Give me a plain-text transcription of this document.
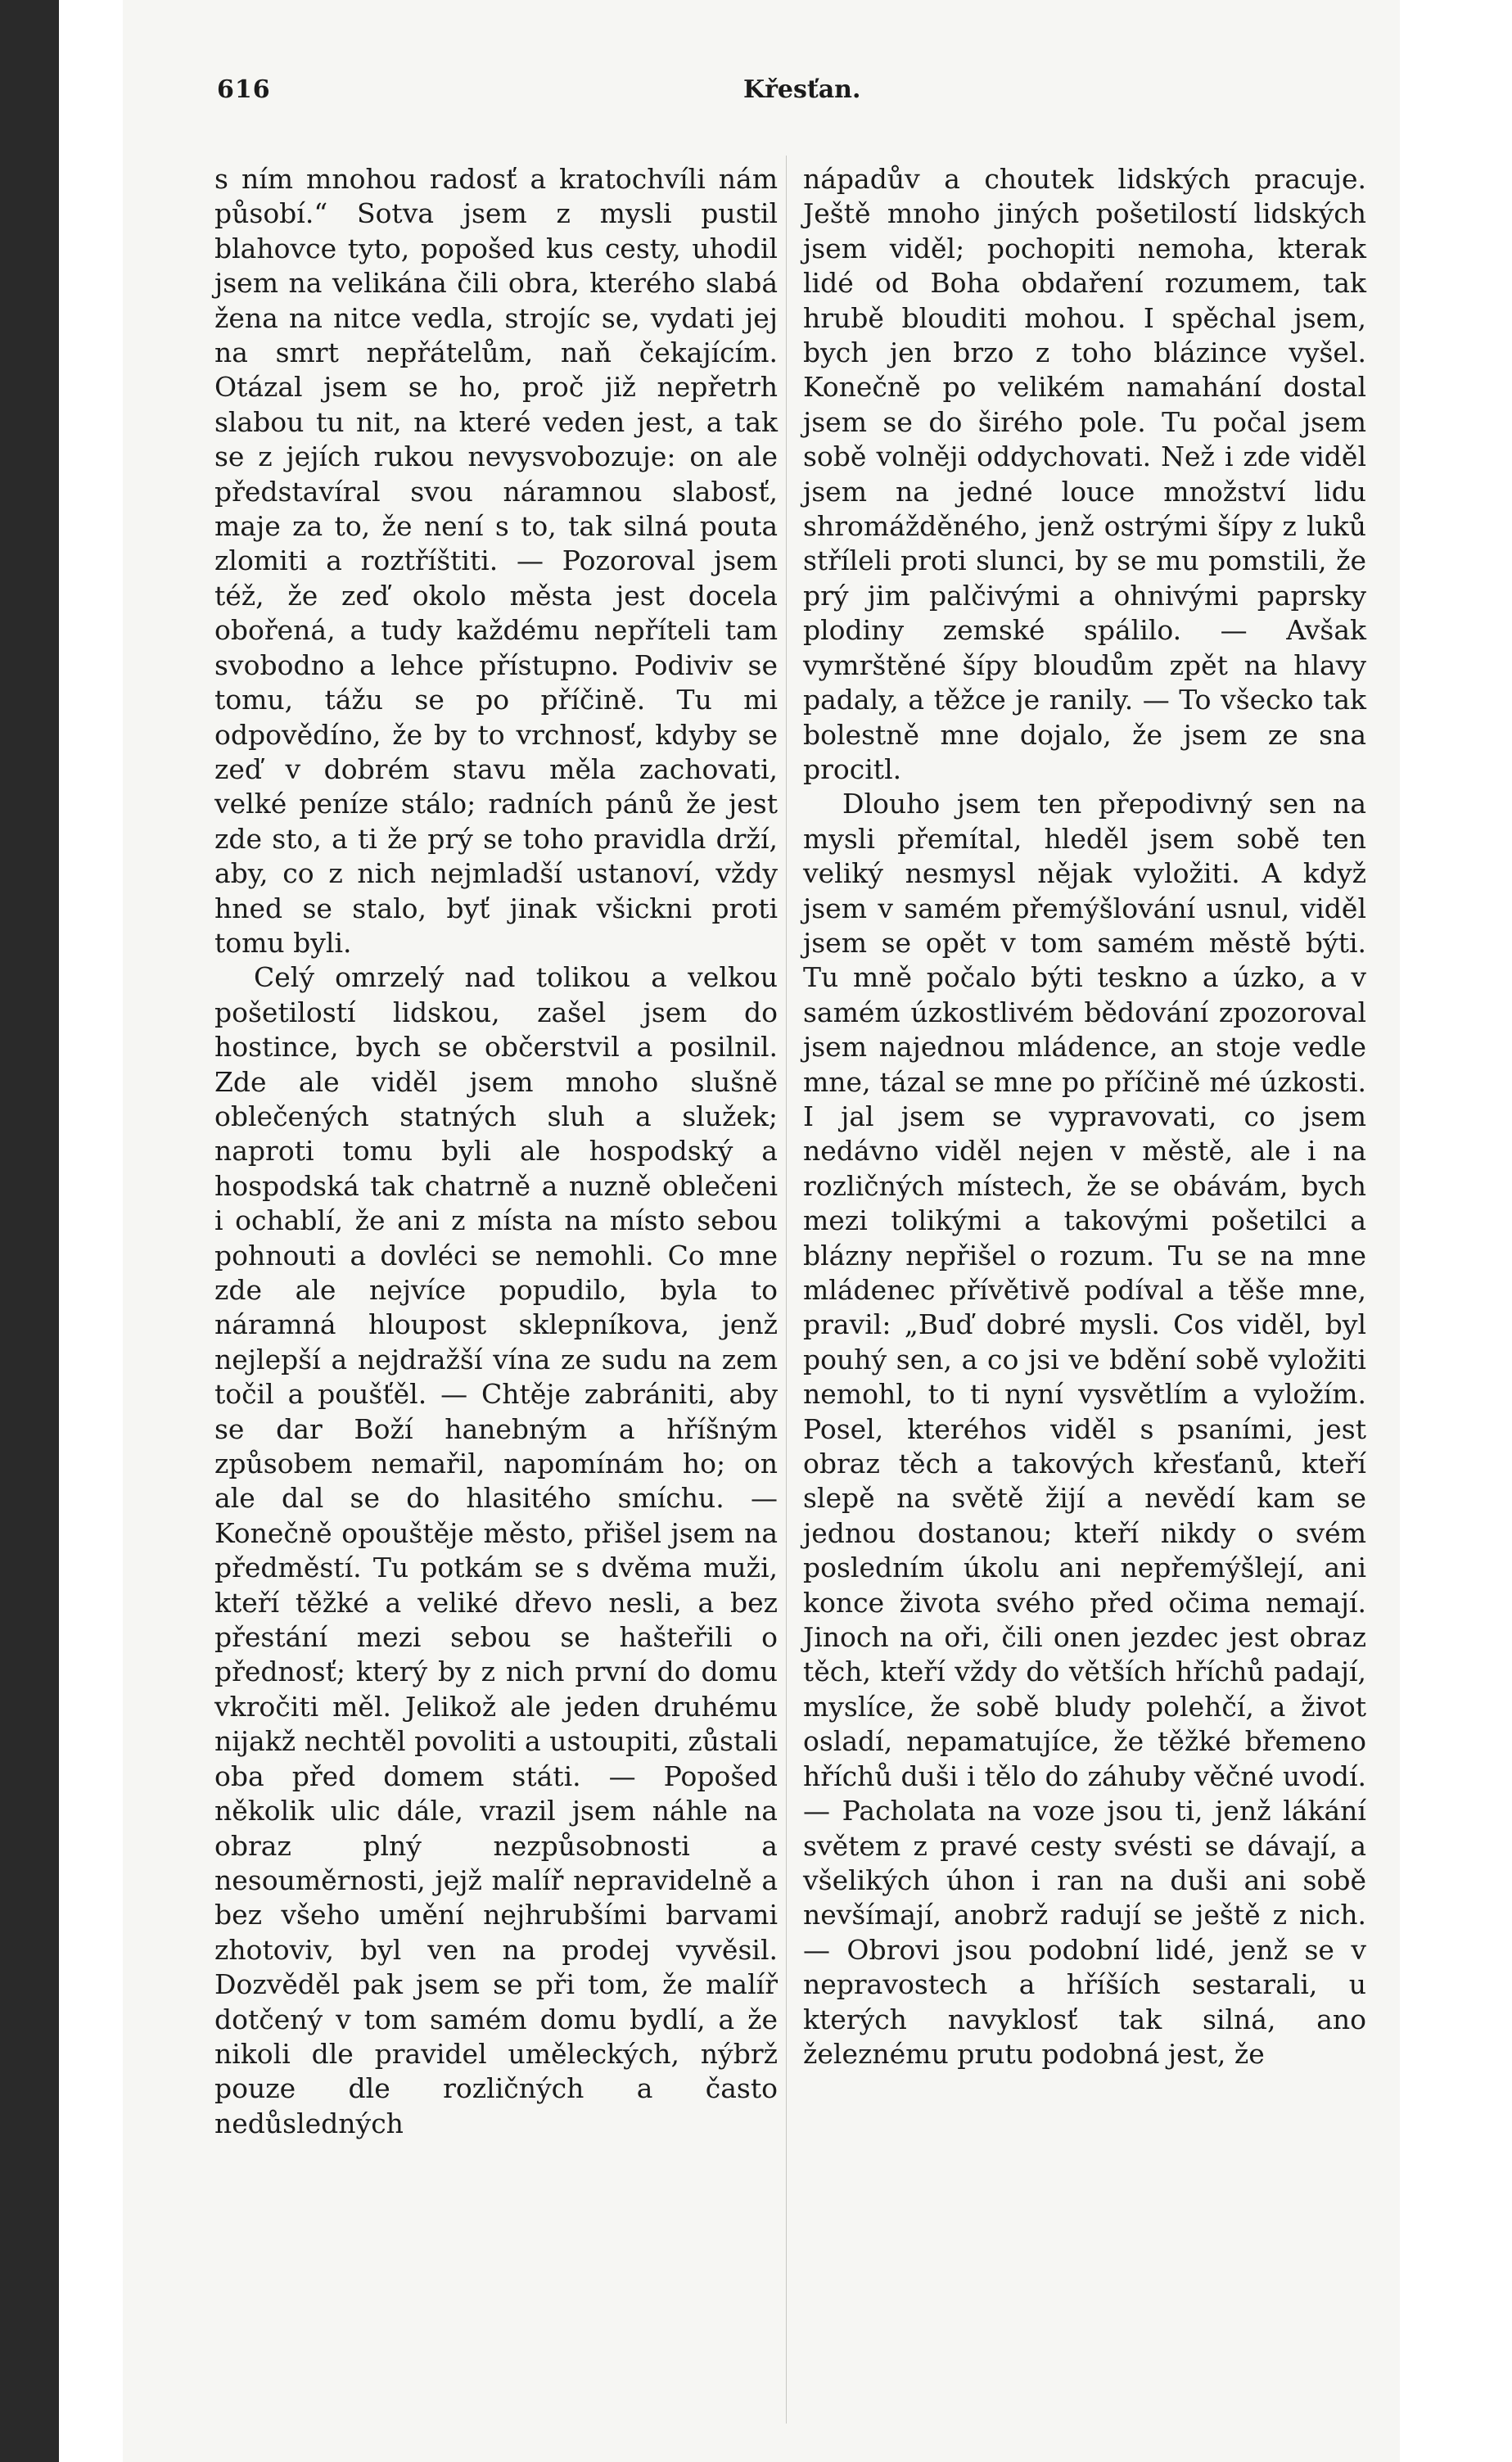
616	Křesťan.

s ním mnohou radosť a kratochvíli nám působí.“ Sotva jsem z mysli pustil blahovce tyto, popošed kus cesty, uhodil jsem na velikána čili obra, kterého slabá žena na nitce vedla, strojíc se, vydati jej na smrt nepřátelům, naň čekajícím. Otázal jsem se ho, proč již nepřetrh slabou tu nit, na které veden jest, a tak se z jejích rukou nevysvobozuje: on ale představíral svou náramnou slabosť, maje za to, že není s to, tak silná pouta zlomiti a roztříštiti. — Pozoroval jsem též, že zeď okolo města jest docela obořená, a tudy každému nepříteli tam svobodno a lehce přístupno. Podiviv se tomu, tážu se po příčině. Tu mi odpovědíno, že by to vrchnosť, kdyby se zeď v dobrém stavu měla zachovati, velké peníze stálo; radních pánů že jest zde sto, a ti že prý se toho pravidla drží, aby, co z nich nejmladší ustanoví, vždy hned se stalo, byť jinak všickni proti tomu byli.

Celý omrzelý nad tolikou a velkou pošetilostí lidskou, zašel jsem do hostince, bych se občerstvil a posilnil. Zde ale viděl jsem mnoho slušně oblečených statných sluh a služek; naproti tomu byli ale hospodský a hospodská tak chatrně a nuzně oblečeni i ochablí, že ani z místa na místo sebou pohnouti a dovléci se nemohli. Co mne zde ale nejvíce popudilo, byla to náramná hloupost sklepníkova, jenž nejlepší a nejdražší vína ze sudu na zem točil a poušťěl. — Chtěje zabrániti, aby se dar Boží hanebným a hříšným způsobem nemařil, napomínám ho; on ale dal se do hlasitého smíchu. — Konečně opouštěje město, přišel jsem na předměstí. Tu potkám se s dvěma muži, kteří těžké a veliké dřevo nesli, a bez přestání mezi sebou se hašteřili o přednosť; který by z nich první do domu vkročiti měl. Jelikož ale jeden druhému nijakž nechtěl povoliti a ustoupiti, zůstali oba před domem státi. — Popošed několik ulic dále, vrazil jsem náhle na obraz plný nezpůsobnosti a nesouměrnosti, jejž malíř nepravidelně a bez všeho umění nejhrubšími barvami zhotoviv, byl ven na prodej vyvěsil. Dozvěděl pak jsem se při tom, že malíř dotčený v tom samém domu bydlí, a že nikoli dle pravidel uměleckých, nýbrž pouze dle rozličných a často nedůsledných

nápadův a choutek lidských pracuje. Ještě mnoho jiných pošetilostí lidských jsem viděl; pochopiti nemoha, kterak lidé od Boha obdaření rozumem, tak hrubě blouditi mohou. I spěchal jsem, bych jen brzo z toho blázince vyšel. Konečně po velikém namahání dostal jsem se do širého pole. Tu počal jsem sobě volněji oddychovati. Než i zde viděl jsem na jedné louce množství lidu shromážděného, jenž ostrými šípy z luků stříleli proti slunci, by se mu pomstili, že prý jim palčivými a ohnivými paprsky plodiny zemské spálilo. — Avšak vymrštěné šípy bloudům zpět na hlavy padaly, a těžce je ranily. — To všecko tak bolestně mne dojalo, že jsem ze sna procitl.

Dlouho jsem ten přepodivný sen na mysli přemítal, hleděl jsem sobě ten veliký nesmysl nějak vyložiti. A když jsem v samém přemýšlování usnul, viděl jsem se opět v tom samém městě býti. Tu mně počalo býti teskno a úzko, a v samém úzkostlivém bědování zpozoroval jsem najednou mládence, an stoje vedle mne, tázal se mne po příčině mé úzkosti. I jal jsem se vypravovati, co jsem nedávno viděl nejen v městě, ale i na rozličných místech, že se obávám, bych mezi tolikými a takovými pošetilci a blázny nepřišel o rozum. Tu se na mne mládenec přívětivě podíval a těše mne, pravil: „Buď dobré mysli. Cos viděl, byl pouhý sen, a co jsi ve bdění sobě vyložiti nemohl, to ti nyní vysvětlím a vyložím. Posel, kteréhos viděl s psaními, jest obraz těch a takových křesťanů, kteří slepě na světě žijí a nevědí kam se jednou dostanou; kteří nikdy o svém posledním úkolu ani nepřemýšlejí, ani konce života svého před očima nemají. Jinoch na oři, čili onen jezdec jest obraz těch, kteří vždy do větších hříchů padají, myslíce, že sobě bludy polehčí, a život osladí, nepamatujíce, že těžké břemeno hříchů duši i tělo do záhuby věčné uvodí. — Pacholata na voze jsou ti, jenž lákání světem z pravé cesty svésti se dávají, a všelikých úhon i ran na duši ani sobě nevšímají, anobrž radují se ještě z nich. — Obrovi jsou podobní lidé, jenž se v nepravostech a hříších sestarali, u kterých navyklosť tak silná, ano železnému prutu podobná jest, že
